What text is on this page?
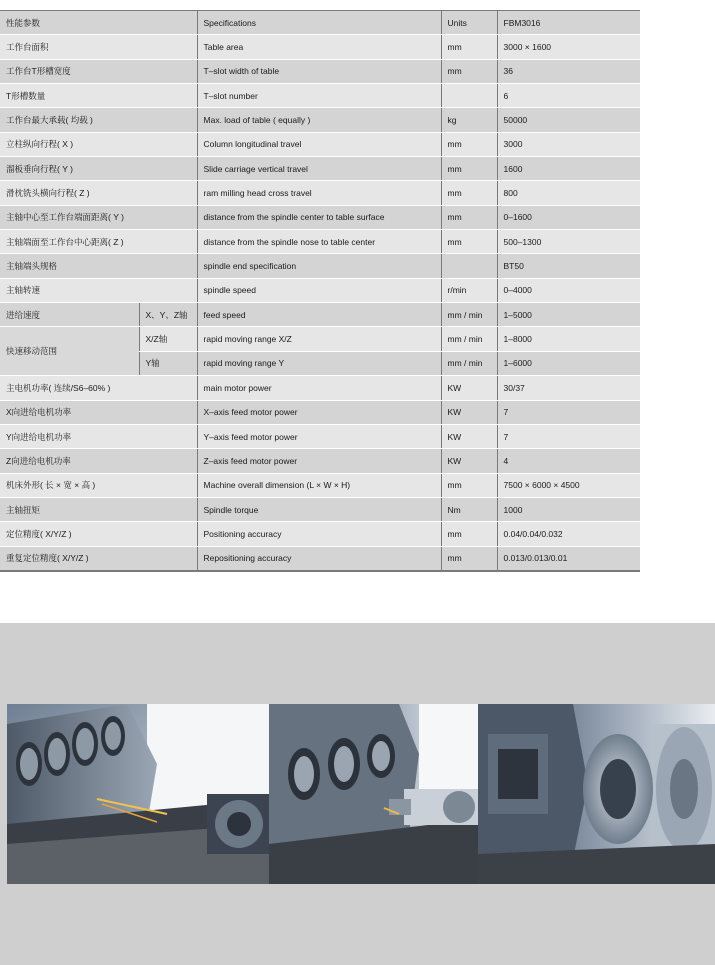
性能参数		Specifications	Units	FBM3016
工作台面积		Table area	mm	3000 × 1600
工作台T形槽宽度		T–slot width of table	mm	36
T形槽数量		T–slot number		6
工作台最大承载( 均载 )		Max. load of table ( equally )	kg	50000
立柱纵向行程( X )		Column longitudinal travel	mm	3000
溜板垂向行程( Y )		Slide carriage vertical travel	mm	1600
滑枕铣头横向行程( Z )		ram milling head cross travel	mm	800
主轴中心至工作台端面距离( Y )		distance from the spindle center to table surface	mm	0–1600
主轴端面至工作台中心距离( Z )		distance from the spindle nose to table center	mm	500–1300
主轴端头规格		spindle end specification		BT50
主轴转速		spindle speed	r/min	0–4000
进给速度	X、Y、Z轴	feed speed	mm / min	1–5000
快速移动范围	X/Z轴	rapid moving range X/Z	mm / min	1–8000
	Y轴	rapid moving range Y	mm / min	1–6000
主电机功率( 连续/S6–60% )		main motor power	KW	30/37
X向进给电机功率		X–axis feed motor power	KW	7
Y向进给电机功率		Y–axis feed motor power	KW	7
Z向进给电机功率		Z–axis feed motor power	KW	4
机床外形( 长 × 宽 × 高 )		Machine overall dimension (L × W × H)	mm	7500 × 6000 × 4500
主轴扭矩		Spindle torque	Nm	1000
定位精度( X/Y/Z )		Positioning accuracy	mm	0.04/0.04/0.032
重复定位精度( X/Y/Z )		Repositioning accuracy	mm	0.013/0.013/0.01
